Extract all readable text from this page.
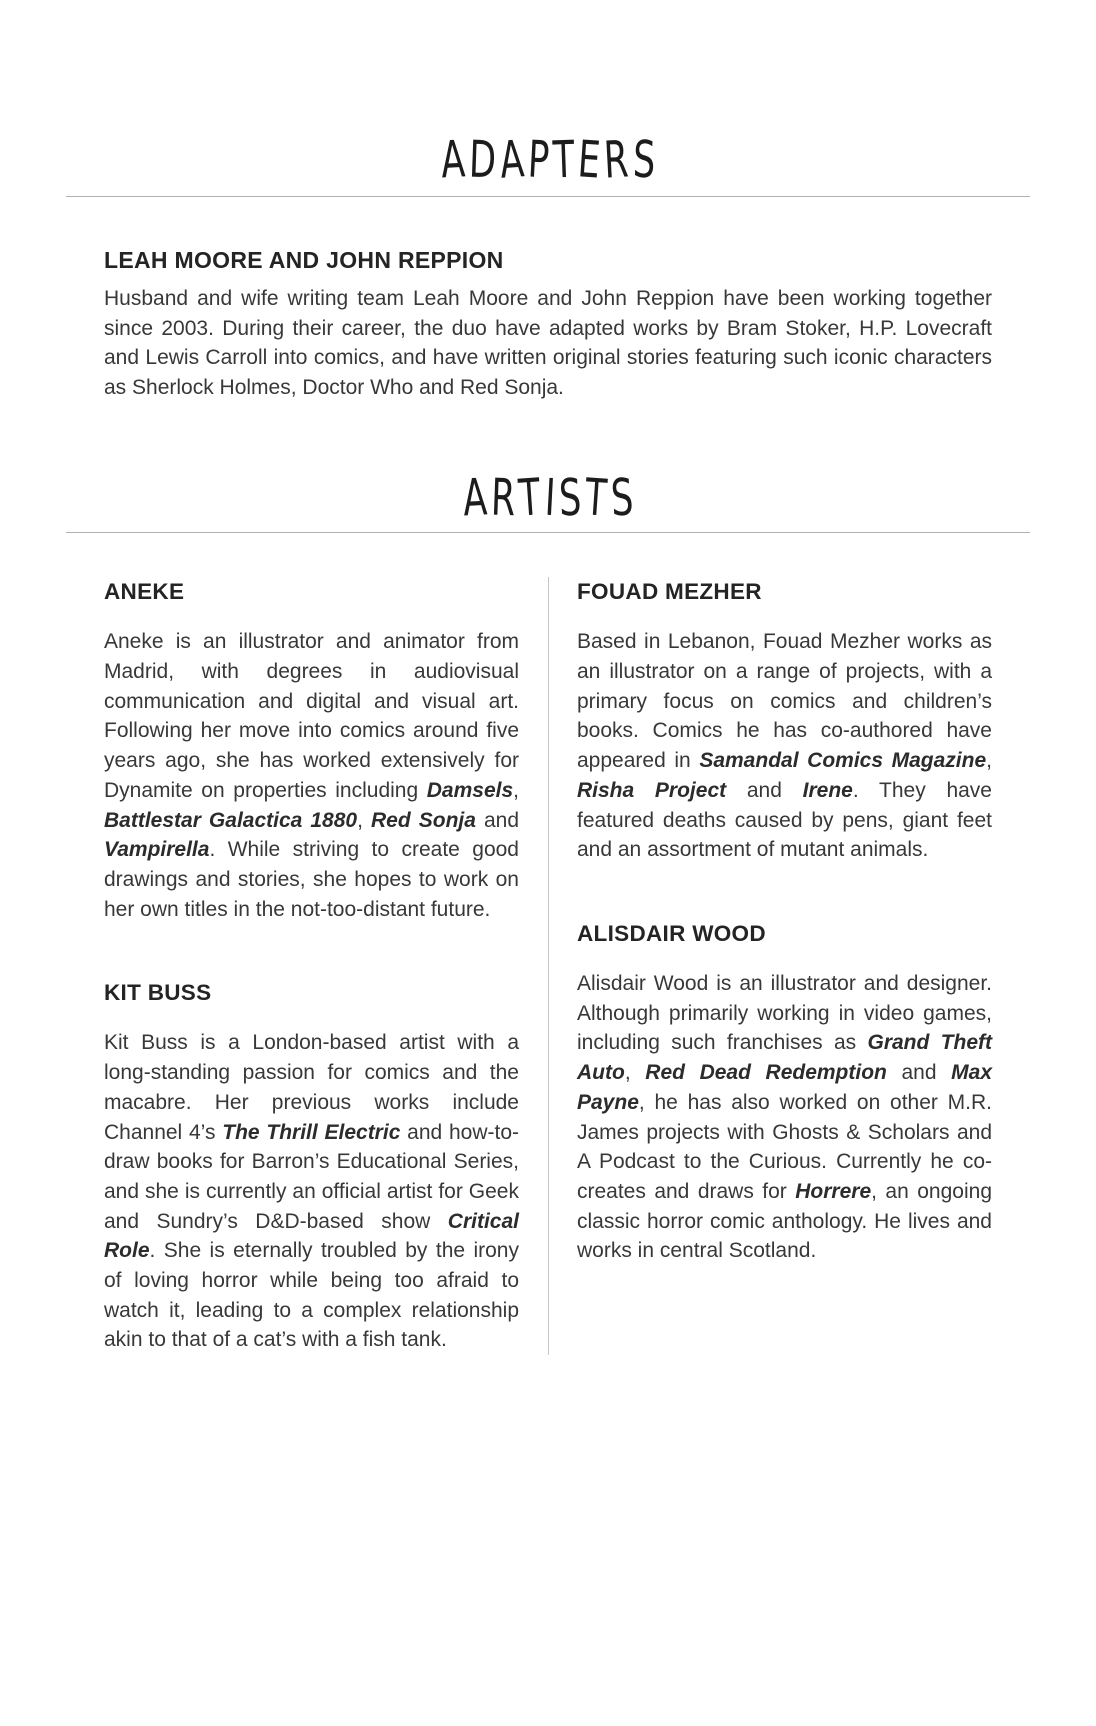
A D A P T E R S
LEAH MOORE AND JOHN REPPION

Husband and wife writing team Leah Moore and John Reppion have been working together since 2003. During their career, the duo have adapted works by Bram Stoker, H.P. Lovecraft and Lewis Carroll into comics, and have written original stories featuring such iconic characters as Sherlock Holmes, Doctor Who and Red Sonja.

A R T I S T S
ANEKE

Aneke is an illustrator and animator from Madrid, with degrees in audiovisual communication and digital and visual art. Following her move into comics around five years ago, she has worked extensively for Dynamite on properties including Damsels, Battlestar Galactica 1880, Red Sonja and Vampirella. While striving to create good drawings and stories, she hopes to work on her own titles in the not-too-distant future.

KIT BUSS

Kit Buss is a London-based artist with a long-standing passion for comics and the macabre. Her previous works include Channel 4’s The Thrill Electric and how-to-draw books for Barron’s Educational Series, and she is currently an official artist for Geek and Sundry’s D&D-based show Critical Role. She is eternally troubled by the irony of loving horror while being too afraid to watch it, leading to a complex relationship akin to that of a cat’s with a fish tank.

FOUAD MEZHER

Based in Lebanon, Fouad Mezher works as an illustrator on a range of projects, with a primary focus on comics and children’s books. Comics he has co-authored have appeared in Samandal Comics Magazine, Risha Project and Irene. They have featured deaths caused by pens, giant feet and an assortment of mutant animals.

ALISDAIR WOOD

Alisdair Wood is an illustrator and designer. Although primarily working in video games, including such franchises as Grand Theft Auto, Red Dead Redemption and Max Payne, he has also worked on other M.R. James projects with Ghosts & Scholars and A Podcast to the Curious. Currently he co-creates and draws for Horrere, an ongoing classic horror comic anthology. He lives and works in central Scotland.
